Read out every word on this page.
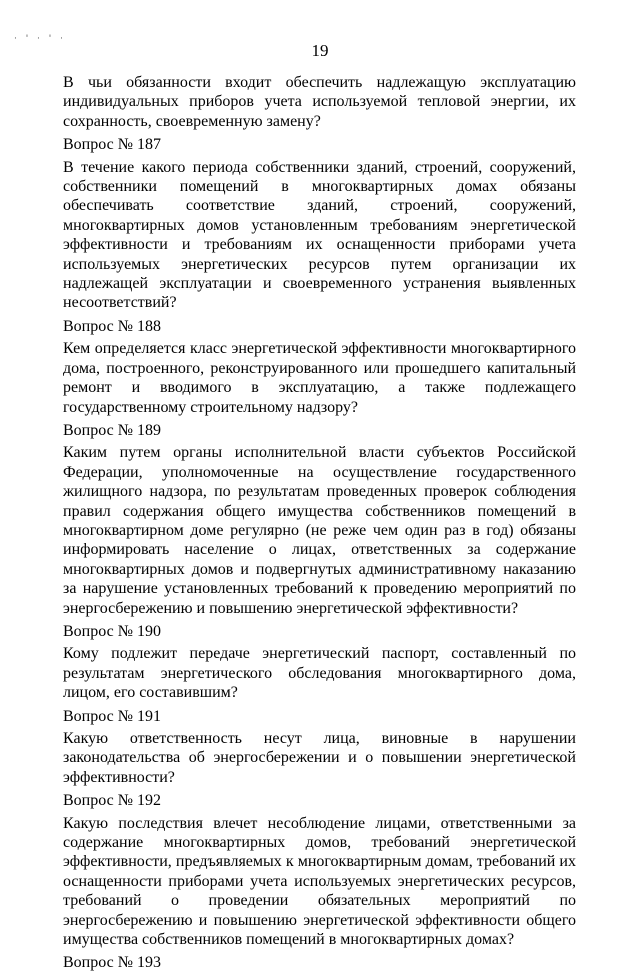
· ' · ' ·
19

В чьи обязанности входит обеспечить надлежащую эксплуатацию индивидуальных приборов учета используемой тепловой энергии, их сохранность, своевременную замену?

Вопрос № 187

В течение какого периода собственники зданий, строений, сооружений, собственники помещений в многоквартирных домах обязаны обеспечивать соответствие зданий, строений, сооружений, многоквартирных домов установленным требованиям энергетической эффективности и требованиям их оснащенности приборами учета используемых энергетических ресурсов путем организации их надлежащей эксплуатации и своевременного устранения выявленных несоответствий?

Вопрос № 188

Кем определяется класс энергетической эффективности многоквартирного дома, построенного, реконструированного или прошедшего капитальный ремонт и вводимого в эксплуатацию, а также подлежащего государственному строительному надзору?

Вопрос № 189

Каким путем органы исполнительной власти субъектов Российской Федерации, уполномоченные на осуществление государственного жилищного надзора, по результатам проведенных проверок соблюдения правил содержания общего имущества собственников помещений в многоквартирном доме регулярно (не реже чем один раз в год) обязаны информировать население о лицах, ответственных за содержание многоквартирных домов и подвергнутых административному наказанию за нарушение установленных требований к проведению мероприятий по энергосбережению и повышению энергетической эффективности?

Вопрос № 190

Кому подлежит передаче энергетический паспорт, составленный по результатам энергетического обследования многоквартирного дома, лицом, его составившим?

Вопрос № 191

Какую ответственность несут лица, виновные в нарушении законодательства об энергосбережении и о повышении энергетической эффективности?

Вопрос № 192

Какую последствия влечет несоблюдение лицами, ответственными за содержание многоквартирных домов, требований энергетической эффективности, предъявляемых к многоквартирным домам, требований их оснащенности приборами учета используемых энергетических ресурсов, требований о проведении обязательных мероприятий по энергосбережению и повышению энергетической эффективности общего имущества собственников помещений в многоквартирных домах?

Вопрос № 193
